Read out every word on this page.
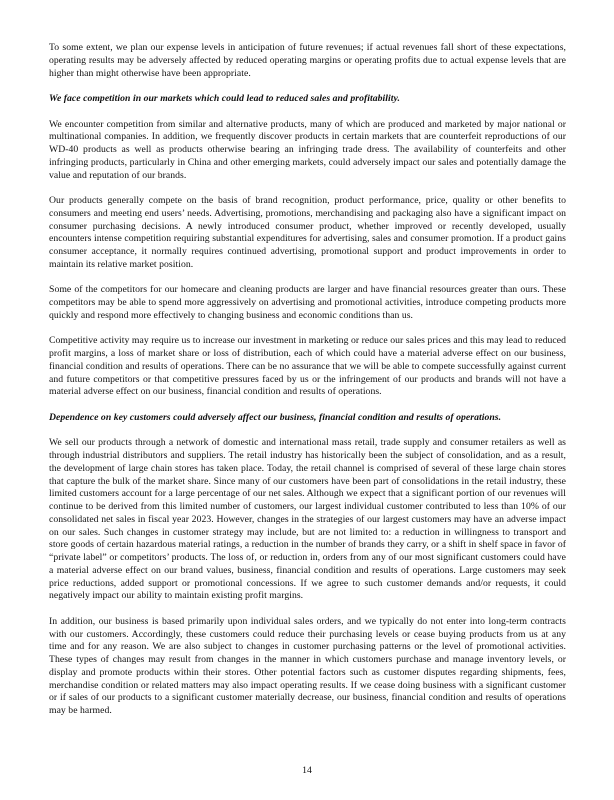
To some extent, we plan our expense levels in anticipation of future revenues; if actual revenues fall short of these expectations, operating results may be adversely affected by reduced operating margins or operating profits due to actual expense levels that are higher than might otherwise have been appropriate.

We face competition in our markets which could lead to reduced sales and profitability.

We encounter competition from similar and alternative products, many of which are produced and marketed by major national or multinational companies. In addition, we frequently discover products in certain markets that are counterfeit reproductions of our WD-40 products as well as products otherwise bearing an infringing trade dress. The availability of counterfeits and other infringing products, particularly in China and other emerging markets, could adversely impact our sales and potentially damage the value and reputation of our brands.

Our products generally compete on the basis of brand recognition, product performance, price, quality or other benefits to consumers and meeting end users’ needs. Advertising, promotions, merchandising and packaging also have a significant impact on consumer purchasing decisions. A newly introduced consumer product, whether improved or recently developed, usually encounters intense competition requiring substantial expenditures for advertising, sales and consumer promotion. If a product gains consumer acceptance, it normally requires continued advertising, promotional support and product improvements in order to maintain its relative market position.

Some of the competitors for our homecare and cleaning products are larger and have financial resources greater than ours. These competitors may be able to spend more aggressively on advertising and promotional activities, introduce competing products more quickly and respond more effectively to changing business and economic conditions than us.

Competitive activity may require us to increase our investment in marketing or reduce our sales prices and this may lead to reduced profit margins, a loss of market share or loss of distribution, each of which could have a material adverse effect on our business, financial condition and results of operations. There can be no assurance that we will be able to compete successfully against current and future competitors or that competitive pressures faced by us or the infringement of our products and brands will not have a material adverse effect on our business, financial condition and results of operations.

Dependence on key customers could adversely affect our business, financial condition and results of operations.

We sell our products through a network of domestic and international mass retail, trade supply and consumer retailers as well as through industrial distributors and suppliers. The retail industry has historically been the subject of consolidation, and as a result, the development of large chain stores has taken place. Today, the retail channel is comprised of several of these large chain stores that capture the bulk of the market share. Since many of our customers have been part of consolidations in the retail industry, these limited customers account for a large percentage of our net sales. Although we expect that a significant portion of our revenues will continue to be derived from this limited number of customers, our largest individual customer contributed to less than 10% of our consolidated net sales in fiscal year 2023. However, changes in the strategies of our largest customers may have an adverse impact on our sales. Such changes in customer strategy may include, but are not limited to: a reduction in willingness to transport and store goods of certain hazardous material ratings, a reduction in the number of brands they carry, or a shift in shelf space in favor of “private label” or competitors’ products. The loss of, or reduction in, orders from any of our most significant customers could have a material adverse effect on our brand values, business, financial condition and results of operations. Large customers may seek price reductions, added support or promotional concessions. If we agree to such customer demands and/or requests, it could negatively impact our ability to maintain existing profit margins.

In addition, our business is based primarily upon individual sales orders, and we typically do not enter into long-term contracts with our customers. Accordingly, these customers could reduce their purchasing levels or cease buying products from us at any time and for any reason. We are also subject to changes in customer purchasing patterns or the level of promotional activities. These types of changes may result from changes in the manner in which customers purchase and manage inventory levels, or display and promote products within their stores. Other potential factors such as customer disputes regarding shipments, fees, merchandise condition or related matters may also impact operating results. If we cease doing business with a significant customer or if sales of our products to a significant customer materially decrease, our business, financial condition and results of operations may be harmed.

14
